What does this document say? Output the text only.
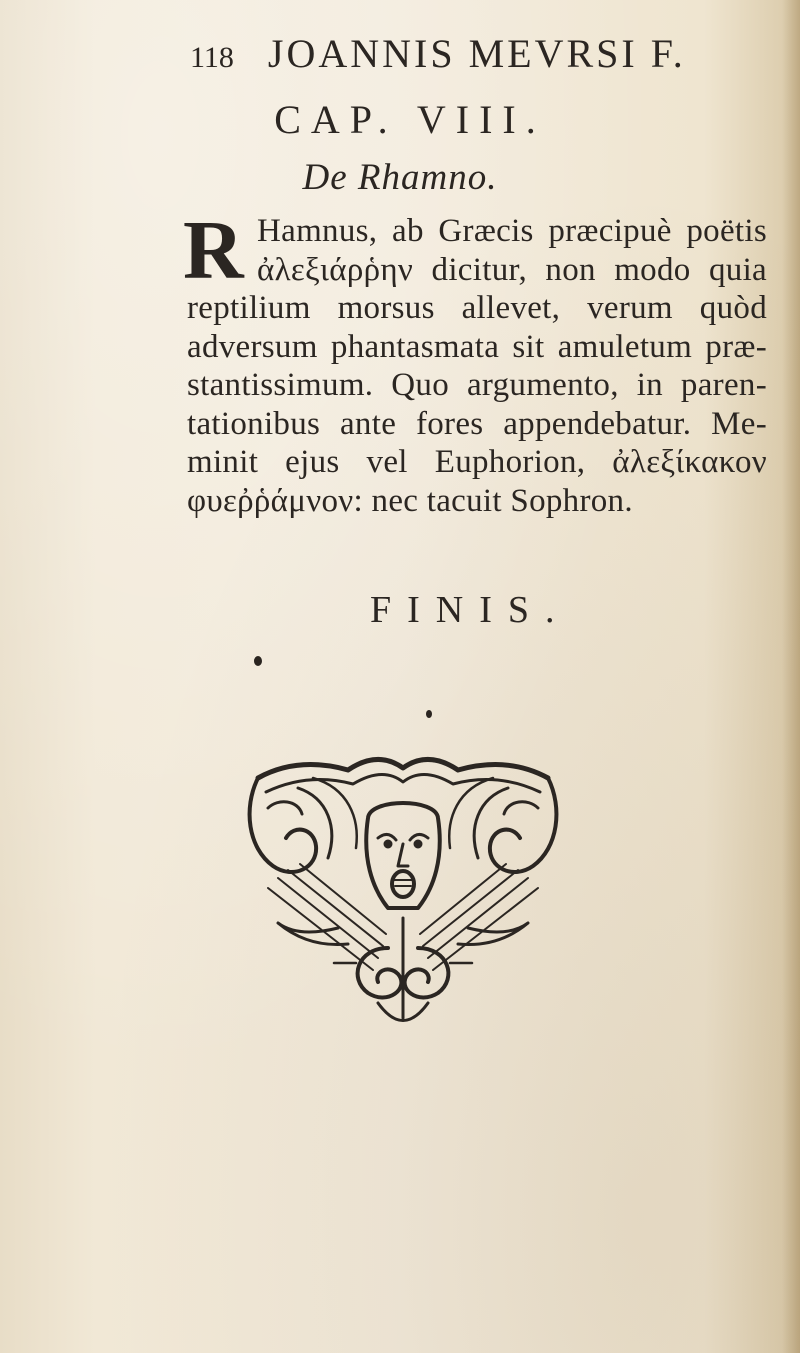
118 JOANNIS MEVRSI F.
CAP. VIII.
De Rhamno.
R Hamnus, ab Græcis præcipuè poëtis
ἀλεξιάρῥην dicitur, non modo quia
reptilium morsus allevet, verum quòd
adversum phantasmata sit amuletum præ-
stantissimum. Quo argumento, in paren-
tationibus ante fores appendebatur. Me-
minit ejus vel Euphorion, ἀλεξίκακον
φυεῤῥάμνον: nec tacuit Sophron.
FINIS.
